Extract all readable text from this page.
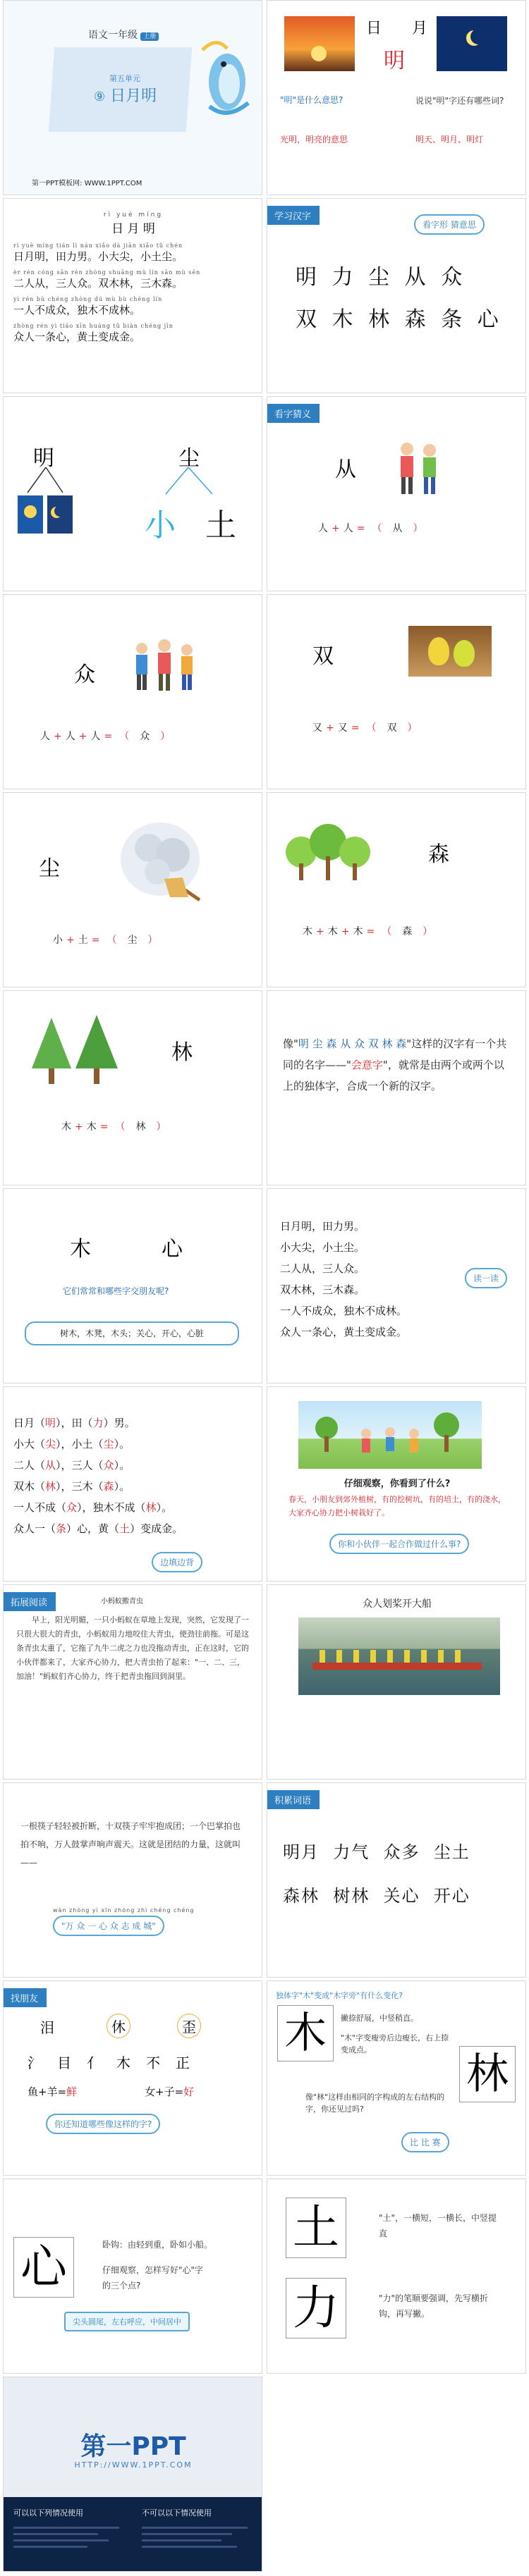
语文一年级 上册
第五单元
⑨ 日月明
第一PPT模板网: WWW.1PPT.COM
日 月
明
"明"是什么意思?
光明，明亮的意思
说说"明"字还有哪些词?
明天、明月、明灯
rì yuè míng
日 月 明
rì yuè míng tián lì nán xiǎo dà jiān xiǎo tǔ chén
日月明，田力男。小大尖，小土尘。
èr rén cóng sān rén zhòng shuāng mù lín sān mù sēn
二人从，三人众。双木林，三木森。
yì rén bù chéng zhòng dú mù bù chéng lín
一人不成众，独木不成林。
zhòng rén yì tiáo xīn huáng tǔ biàn chéng jīn
众人一条心，黄土变成金。
学习汉字
看字形 猜意思
明 力 尘 从 众
双 木 林 森 条 心
明	尘
小 土
看字猜义
从
人 + 人 = （ 从 ）
众
人 + 人 + 人 = （ 众 ）
双
又 + 又 = （ 双 ）
尘
小 + 土 = （ 尘 ）
森
木 + 木 + 木 = （ 森 ）
林
木 + 木 = （ 林 ）
像"明 尘 森 从 众 双 林 森"这样的汉字有一个共同的名字——"会意字"，就常是由两个或两个以上的独体字，合成一个新的汉字。
木	心
它们常常和哪些字交朋友呢?
树木，木凳，木头；关心，开心，心脏
日月明，田力男。
小大尖，小土尘。
二人从，三人众。
双木林，三木森。
一人不成众，独木不成林。
众人一条心，黄土变成金。
读一读
日月（明），田（力）男。
小大（尖），小土（尘）。
二人（从），三人（众）。
双木（林），三木（森）。
一人不成（众），独木不成（林）。
众人一（条）心，黄（土）变成金。
边填边背
仔细观察，你看到了什么?
春天，小朋友到郊外植树，有的挖树坑，有的培土，有的浇水，大家齐心协力把小树栽好了。
你和小伙伴一起合作做过什么事?
拓展阅读	小蚂蚁搬青虫
早上，阳光明媚，一只小蚂蚁在草地上发现，突然，它发现了一只很大很大的青虫，小蚂蚁用力地咬住大青虫，使劲往前拖。可是这条青虫太重了，它拖了九牛二虎之力也没拖动青虫，正在这时，它的小伙伴都来了，大家齐心协力，把大青虫抬了起来："一、二、三，加油！"蚂蚁们齐心协力，终于把青虫拖回到洞里。
众人划桨开大船
一根筷子轻轻被折断，十双筷子牢牢抱成团；一个巴掌拍也拍不响，万人鼓掌声响声震天。这就是团结的力量，这就叫——
wàn zhòng yì xīn zhòng zhì chéng chéng
"万 众 一 心 众 志 成 城"
积累词语
明月 力气 众多 尘土
森林 树林 关心 开心
找朋友
泪	休	歪
氵目亻木不正
鱼+羊=鲜	女+子=好
你还知道哪些像这样的字?
独体字"木"变成"木字旁"有什么变化?
木
林
撇捺舒展，中竖稍直。
"木"字变瘦旁后边瘦长，右上捺变成点。
像"林"这样由相同的字构成的左右结构的字，你还见过吗?
比 比 赛
心	卧钩：由轻到重，卧如小船。
仔细观察，怎样写好"心"字的三个点?
尖头圆尾，左右呼应，中间居中
土
力
"土"，一横短，一横长，中竖提直
"力"的笔顺要强调，先写横折钩，再写撇。
第一PPT
HTTP://WWW.1PPT.COM
可以以下列情况使用	不可以以下情况使用
